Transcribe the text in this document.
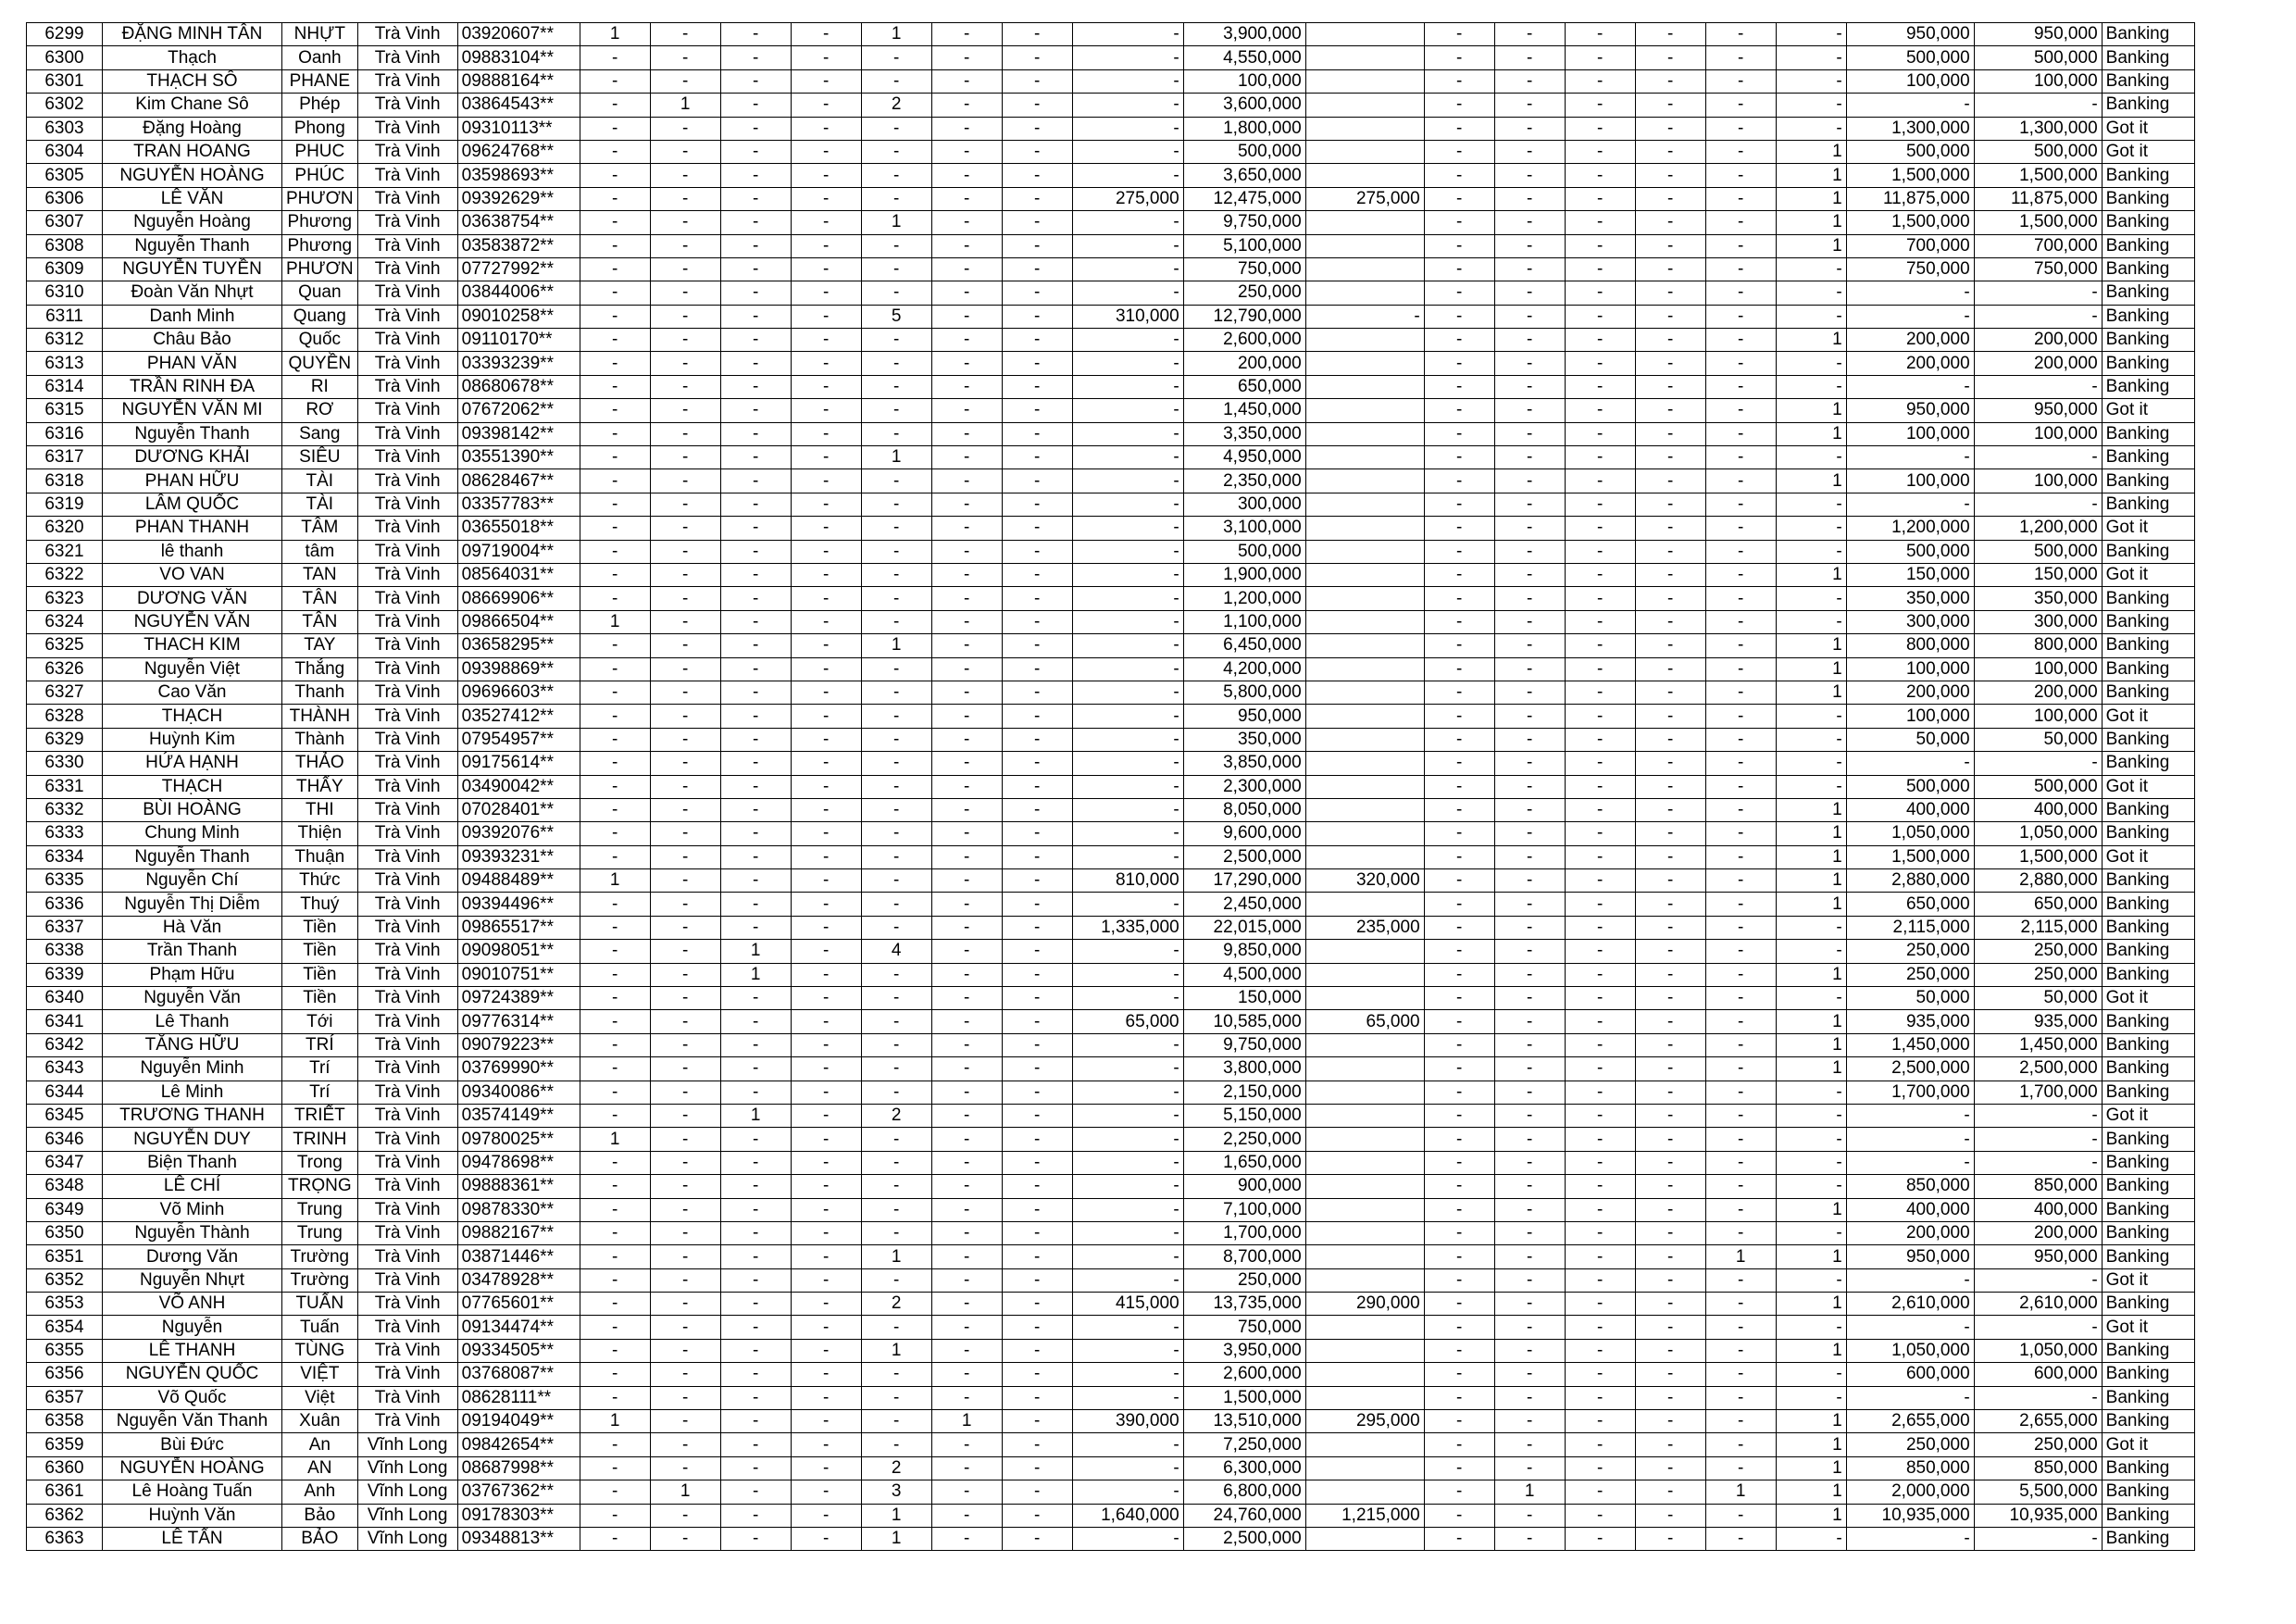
6299	ĐẶNG MINH TÂN	NHỰT	Trà Vinh	03920607**	1	-	-	-	1	-	-	-	3,900,000		-	-	-	-	-	-	950,000	950,000	Banking
6300	Thạch	Oanh	Trà Vinh	09883104**	-	-	-	-	-	-	-	-	4,550,000		-	-	-	-	-	-	500,000	500,000	Banking
6301	THẠCH SÔ	PHANE	Trà Vinh	09888164**	-	-	-	-	-	-	-	-	100,000		-	-	-	-	-	-	100,000	100,000	Banking
6302	Kim Chane Sô	Phép	Trà Vinh	03864543**	-	1	-	-	2	-	-	-	3,600,000		-	-	-	-	-	-	-	-	Banking
6303	Đặng Hoàng	Phong	Trà Vinh	09310113**	-	-	-	-	-	-	-	-	1,800,000		-	-	-	-	-	-	1,300,000	1,300,000	Got it
6304	TRAN HOANG	PHUC	Trà Vinh	09624768**	-	-	-	-	-	-	-	-	500,000		-	-	-	-	-	1	500,000	500,000	Got it
6305	NGUYỄN HOÀNG	PHÚC	Trà Vinh	03598693**	-	-	-	-	-	-	-	-	3,650,000		-	-	-	-	-	1	1,500,000	1,500,000	Banking
6306	LÊ VĂN	PHƯƠN	Trà Vinh	09392629**	-	-	-	-	-	-	-	275,000	12,475,000	275,000	-	-	-	-	-	1	11,875,000	11,875,000	Banking
6307	Nguyễn Hoàng	Phương	Trà Vinh	03638754**	-	-	-	-	1	-	-	-	9,750,000		-	-	-	-	-	1	1,500,000	1,500,000	Banking
6308	Nguyễn Thanh	Phương	Trà Vinh	03583872**	-	-	-	-	-	-	-	-	5,100,000		-	-	-	-	-	1	700,000	700,000	Banking
6309	NGUYỄN TUYỀN	PHƯƠN	Trà Vinh	07727992**	-	-	-	-	-	-	-	-	750,000		-	-	-	-	-	-	750,000	750,000	Banking
6310	Đoàn Văn Nhựt	Quan	Trà Vinh	03844006**	-	-	-	-	-	-	-	-	250,000		-	-	-	-	-	-	-	-	Banking
6311	Danh Minh	Quang	Trà Vinh	09010258**	-	-	-	-	5	-	-	310,000	12,790,000	-	-	-	-	-	-	-	-	-	Banking
6312	Châu Bảo	Quốc	Trà Vinh	09110170**	-	-	-	-	-	-	-	-	2,600,000		-	-	-	-	-	1	200,000	200,000	Banking
6313	PHAN VĂN	QUYỀN	Trà Vinh	03393239**	-	-	-	-	-	-	-	-	200,000		-	-	-	-	-	-	200,000	200,000	Banking
6314	TRẦN RINH ĐA	RI	Trà Vinh	08680678**	-	-	-	-	-	-	-	-	650,000		-	-	-	-	-	-	-	-	Banking
6315	NGUYỄN VĂN MI	RƠ	Trà Vinh	07672062**	-	-	-	-	-	-	-	-	1,450,000		-	-	-	-	-	1	950,000	950,000	Got it
6316	Nguyễn Thanh	Sang	Trà Vinh	09398142**	-	-	-	-	-	-	-	-	3,350,000		-	-	-	-	-	1	100,000	100,000	Banking
6317	DƯƠNG KHẢI	SIÊU	Trà Vinh	03551390**	-	-	-	-	1	-	-	-	4,950,000		-	-	-	-	-	-	-	-	Banking
6318	PHAN HỮU	TÀI	Trà Vinh	08628467**	-	-	-	-	-	-	-	-	2,350,000		-	-	-	-	-	1	100,000	100,000	Banking
6319	LÂM QUỐC	TÀI	Trà Vinh	03357783**	-	-	-	-	-	-	-	-	300,000		-	-	-	-	-	-	-	-	Banking
6320	PHAN THANH	TÂM	Trà Vinh	03655018**	-	-	-	-	-	-	-	-	3,100,000		-	-	-	-	-	-	1,200,000	1,200,000	Got it
6321	lê thanh	tâm	Trà Vinh	09719004**	-	-	-	-	-	-	-	-	500,000		-	-	-	-	-	-	500,000	500,000	Banking
6322	VO VAN	TAN	Trà Vinh	08564031**	-	-	-	-	-	-	-	-	1,900,000		-	-	-	-	-	1	150,000	150,000	Got it
6323	DƯƠNG VĂN	TÂN	Trà Vinh	08669906**	-	-	-	-	-	-	-	-	1,200,000		-	-	-	-	-	-	350,000	350,000	Banking
6324	NGUYỄN VĂN	TÂN	Trà Vinh	09866504**	1	-	-	-	-	-	-	-	1,100,000		-	-	-	-	-	-	300,000	300,000	Banking
6325	THACH KIM	TAY	Trà Vinh	03658295**	-	-	-	-	1	-	-	-	6,450,000		-	-	-	-	-	1	800,000	800,000	Banking
6326	Nguyễn Việt	Thắng	Trà Vinh	09398869**	-	-	-	-	-	-	-	-	4,200,000		-	-	-	-	-	1	100,000	100,000	Banking
6327	Cao Văn	Thanh	Trà Vinh	09696603**	-	-	-	-	-	-	-	-	5,800,000		-	-	-	-	-	1	200,000	200,000	Banking
6328	THẠCH	THÀNH	Trà Vinh	03527412**	-	-	-	-	-	-	-	-	950,000		-	-	-	-	-	-	100,000	100,000	Got it
6329	Huỳnh Kim	Thành	Trà Vinh	07954957**	-	-	-	-	-	-	-	-	350,000		-	-	-	-	-	-	50,000	50,000	Banking
6330	HỨA HẠNH	THẢO	Trà Vinh	09175614**	-	-	-	-	-	-	-	-	3,850,000		-	-	-	-	-	-	-	-	Banking
6331	THẠCH	THẤY	Trà Vinh	03490042**	-	-	-	-	-	-	-	-	2,300,000		-	-	-	-	-	-	500,000	500,000	Got it
6332	BÙI HOÀNG	THI	Trà Vinh	07028401**	-	-	-	-	-	-	-	-	8,050,000		-	-	-	-	-	1	400,000	400,000	Banking
6333	Chung Minh	Thiện	Trà Vinh	09392076**	-	-	-	-	-	-	-	-	9,600,000		-	-	-	-	-	1	1,050,000	1,050,000	Banking
6334	Nguyễn Thanh	Thuận	Trà Vinh	09393231**	-	-	-	-	-	-	-	-	2,500,000		-	-	-	-	-	1	1,500,000	1,500,000	Got it
6335	Nguyễn Chí	Thức	Trà Vinh	09488489**	1	-	-	-	-	-	-	810,000	17,290,000	320,000	-	-	-	-	-	1	2,880,000	2,880,000	Banking
6336	Nguyễn Thị Diễm	Thuý	Trà Vinh	09394496**	-	-	-	-	-	-	-	-	2,450,000		-	-	-	-	-	1	650,000	650,000	Banking
6337	Hà Văn	Tiền	Trà Vinh	09865517**	-	-	-	-	-	-	-	1,335,000	22,015,000	235,000	-	-	-	-	-	-	2,115,000	2,115,000	Banking
6338	Trần Thanh	Tiền	Trà Vinh	09098051**	-	-	1	-	4	-	-	-	9,850,000		-	-	-	-	-	-	250,000	250,000	Banking
6339	Phạm Hữu	Tiền	Trà Vinh	09010751**	-	-	1	-	-	-	-	-	4,500,000		-	-	-	-	-	1	250,000	250,000	Banking
6340	Nguyễn Văn	Tiền	Trà Vinh	09724389**	-	-	-	-	-	-	-	-	150,000		-	-	-	-	-	-	50,000	50,000	Got it
6341	Lê Thanh	Tới	Trà Vinh	09776314**	-	-	-	-	-	-	-	65,000	10,585,000	65,000	-	-	-	-	-	1	935,000	935,000	Banking
6342	TĂNG HỮU	TRÍ	Trà Vinh	09079223**	-	-	-	-	-	-	-	-	9,750,000		-	-	-	-	-	1	1,450,000	1,450,000	Banking
6343	Nguyễn Minh	Trí	Trà Vinh	03769990**	-	-	-	-	-	-	-	-	3,800,000		-	-	-	-	-	1	2,500,000	2,500,000	Banking
6344	Lê Minh	Trí	Trà Vinh	09340086**	-	-	-	-	-	-	-	-	2,150,000		-	-	-	-	-	-	1,700,000	1,700,000	Banking
6345	TRƯƠNG THANH	TRIẾT	Trà Vinh	03574149**	-	-	1	-	2	-	-	-	5,150,000		-	-	-	-	-	-	-	-	Got it
6346	NGUYỄN DUY	TRINH	Trà Vinh	09780025**	1	-	-	-	-	-	-	-	2,250,000		-	-	-	-	-	-	-	-	Banking
6347	Biện Thanh	Trong	Trà Vinh	09478698**	-	-	-	-	-	-	-	-	1,650,000		-	-	-	-	-	-	-	-	Banking
6348	LÊ CHÍ	TRỌNG	Trà Vinh	09888361**	-	-	-	-	-	-	-	-	900,000		-	-	-	-	-	-	850,000	850,000	Banking
6349	Võ Minh	Trung	Trà Vinh	09878330**	-	-	-	-	-	-	-	-	7,100,000		-	-	-	-	-	1	400,000	400,000	Banking
6350	Nguyễn Thành	Trung	Trà Vinh	09882167**	-	-	-	-	-	-	-	-	1,700,000		-	-	-	-	-	-	200,000	200,000	Banking
6351	Dương Văn	Trường	Trà Vinh	03871446**	-	-	-	-	1	-	-	-	8,700,000		-	-	-	-	1	1	950,000	950,000	Banking
6352	Nguyễn Nhựt	Trường	Trà Vinh	03478928**	-	-	-	-	-	-	-	-	250,000		-	-	-	-	-	-	-	-	Got it
6353	VÕ ANH	TUẤN	Trà Vinh	07765601**	-	-	-	-	2	-	-	415,000	13,735,000	290,000	-	-	-	-	-	1	2,610,000	2,610,000	Banking
6354	Nguyễn	Tuấn	Trà Vinh	09134474**	-	-	-	-	-	-	-	-	750,000		-	-	-	-	-	-	-	-	Got it
6355	LÊ THANH	TÙNG	Trà Vinh	09334505**	-	-	-	-	1	-	-	-	3,950,000		-	-	-	-	-	1	1,050,000	1,050,000	Banking
6356	NGUYỄN QUỐC	VIỆT	Trà Vinh	03768087**	-	-	-	-	-	-	-	-	2,600,000		-	-	-	-	-	-	600,000	600,000	Banking
6357	Võ Quốc	Việt	Trà Vinh	08628111**	-	-	-	-	-	-	-	-	1,500,000		-	-	-	-	-	-	-	-	Banking
6358	Nguyễn Văn Thanh	Xuân	Trà Vinh	09194049**	1	-	-	-	-	1	-	390,000	13,510,000	295,000	-	-	-	-	-	1	2,655,000	2,655,000	Banking
6359	Bùi Đức	An	Vĩnh Long	09842654**	-	-	-	-	-	-	-	-	7,250,000		-	-	-	-	-	1	250,000	250,000	Got it
6360	NGUYỄN HOÀNG	AN	Vĩnh Long	08687998**	-	-	-	-	2	-	-	-	6,300,000		-	-	-	-	-	1	850,000	850,000	Banking
6361	Lê Hoàng Tuấn	Anh	Vĩnh Long	03767362**	-	1	-	-	3	-	-	-	6,800,000		-	1	-	-	1	1	2,000,000	5,500,000	Banking
6362	Huỳnh Văn	Bảo	Vĩnh Long	09178303**	-	-	-	-	1	-	-	1,640,000	24,760,000	1,215,000	-	-	-	-	-	1	10,935,000	10,935,000	Banking
6363	LÊ TẤN	BẢO	Vĩnh Long	09348813**	-	-	-	-	1	-	-	-	2,500,000		-	-	-	-	-	-	-	-	Banking
